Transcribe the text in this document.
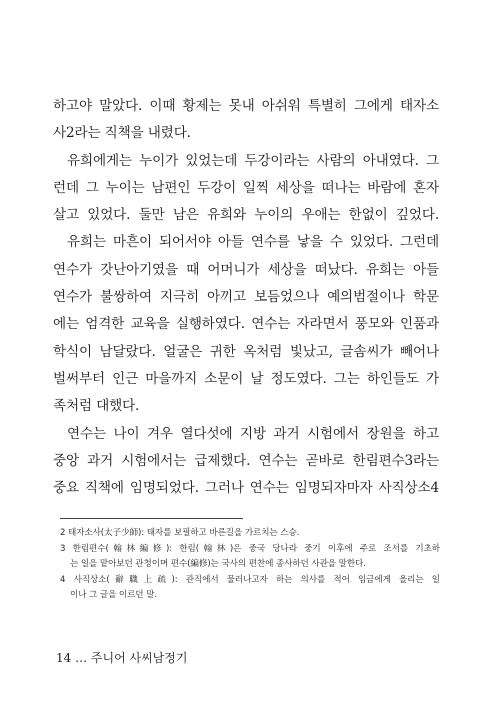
하고야 말았다. 이때 황제는 못내 아쉬워 특별히 그에게 태자소
사2라는 직책을 내렸다.
유희에게는 누이가 있었는데 두강이라는 사람의 아내였다. 그
런데 그 누이는 남편인 두강이 일찍 세상을 떠나는 바람에 혼자
살고 있었다. 둘만 남은 유희와 누이의 우애는 한없이 깊었다.
유희는 마흔이 되어서야 아들 연수를 낳을 수 있었다. 그런데
연수가 갓난아기였을 때 어머니가 세상을 떠났다. 유희는 아들
연수가 불쌍하여 지극히 아끼고 보듬었으나 예의범절이나 학문
에는 엄격한 교육을 실행하였다. 연수는 자라면서 풍모와 인품과
학식이 남달랐다. 얼굴은 귀한 옥처럼 빛났고, 글솜씨가 빼어나
벌써부터 인근 마을까지 소문이 날 정도였다. 그는 하인들도 가
족처럼 대했다.
연수는 나이 겨우 열다섯에 지방 과거 시험에서 장원을 하고
중앙 과거 시험에서는 급제했다. 연수는 곧바로 한림편수3라는
중요 직책에 임명되었다. 그러나 연수는 임명되자마자 사직상소4
2 태자소사(太子少師): 태자를 보필하고 바른길을 가르치는 스승.
3 한림편수(翰林編修): 한림(翰林)은 중국 당나라 중기 이후에 주로 조서를 기초하
는 일을 맡아보던 관청이며 편수(編修)는 국사의 편찬에 종사하던 사관을 말한다.
4 사직상소(辭職上疏): 관직에서 물러나고자 하는 의사를 적어 임금에게 올리는 일
이나 그 글을 이르던 말.
14 … 주니어 사씨남정기
